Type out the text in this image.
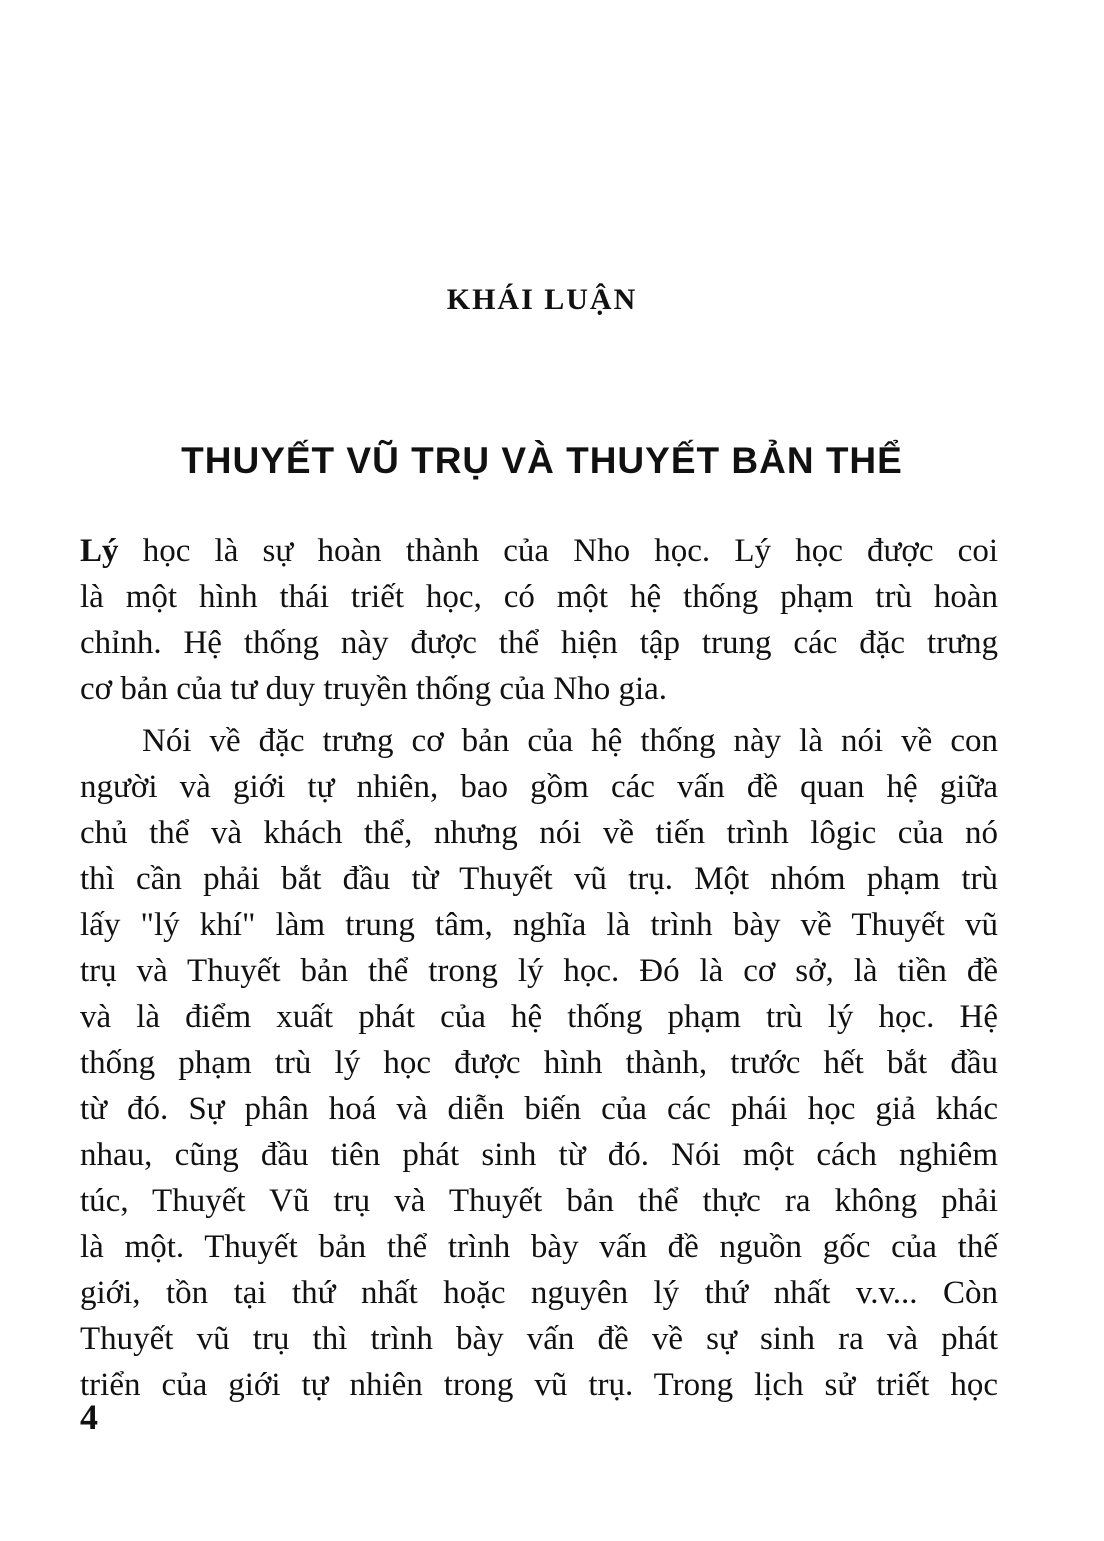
KHÁI LUẬN
THUYẾT VŨ TRỤ VÀ THUYẾT BẢN THỂ
Lý học là sự hoàn thành của Nho học. Lý học được coi
là một hình thái triết học, có một hệ thống phạm trù hoàn
chỉnh. Hệ thống này được thể hiện tập trung các đặc trưng
cơ bản của tư duy truyền thống của Nho gia.
Nói về đặc trưng cơ bản của hệ thống này là nói về con
người và giới tự nhiên, bao gồm các vấn đề quan hệ giữa
chủ thể và khách thể, nhưng nói về tiến trình lôgic của nó
thì cần phải bắt đầu từ Thuyết vũ trụ. Một nhóm phạm trù
lấy "lý khí" làm trung tâm, nghĩa là trình bày về Thuyết vũ
trụ và Thuyết bản thể trong lý học. Đó là cơ sở, là tiền đề
và là điểm xuất phát của hệ thống phạm trù lý học. Hệ
thống phạm trù lý học được hình thành, trước hết bắt đầu
từ đó. Sự phân hoá và diễn biến của các phái học giả khác
nhau, cũng đầu tiên phát sinh từ đó. Nói một cách nghiêm
túc, Thuyết Vũ trụ và Thuyết bản thể thực ra không phải
là một. Thuyết bản thể trình bày vấn đề nguồn gốc của thế
giới, tồn tại thứ nhất hoặc nguyên lý thứ nhất v.v... Còn
Thuyết vũ trụ thì trình bày vấn đề về sự sinh ra và phát
triển của giới tự nhiên trong vũ trụ. Trong lịch sử triết học
4
